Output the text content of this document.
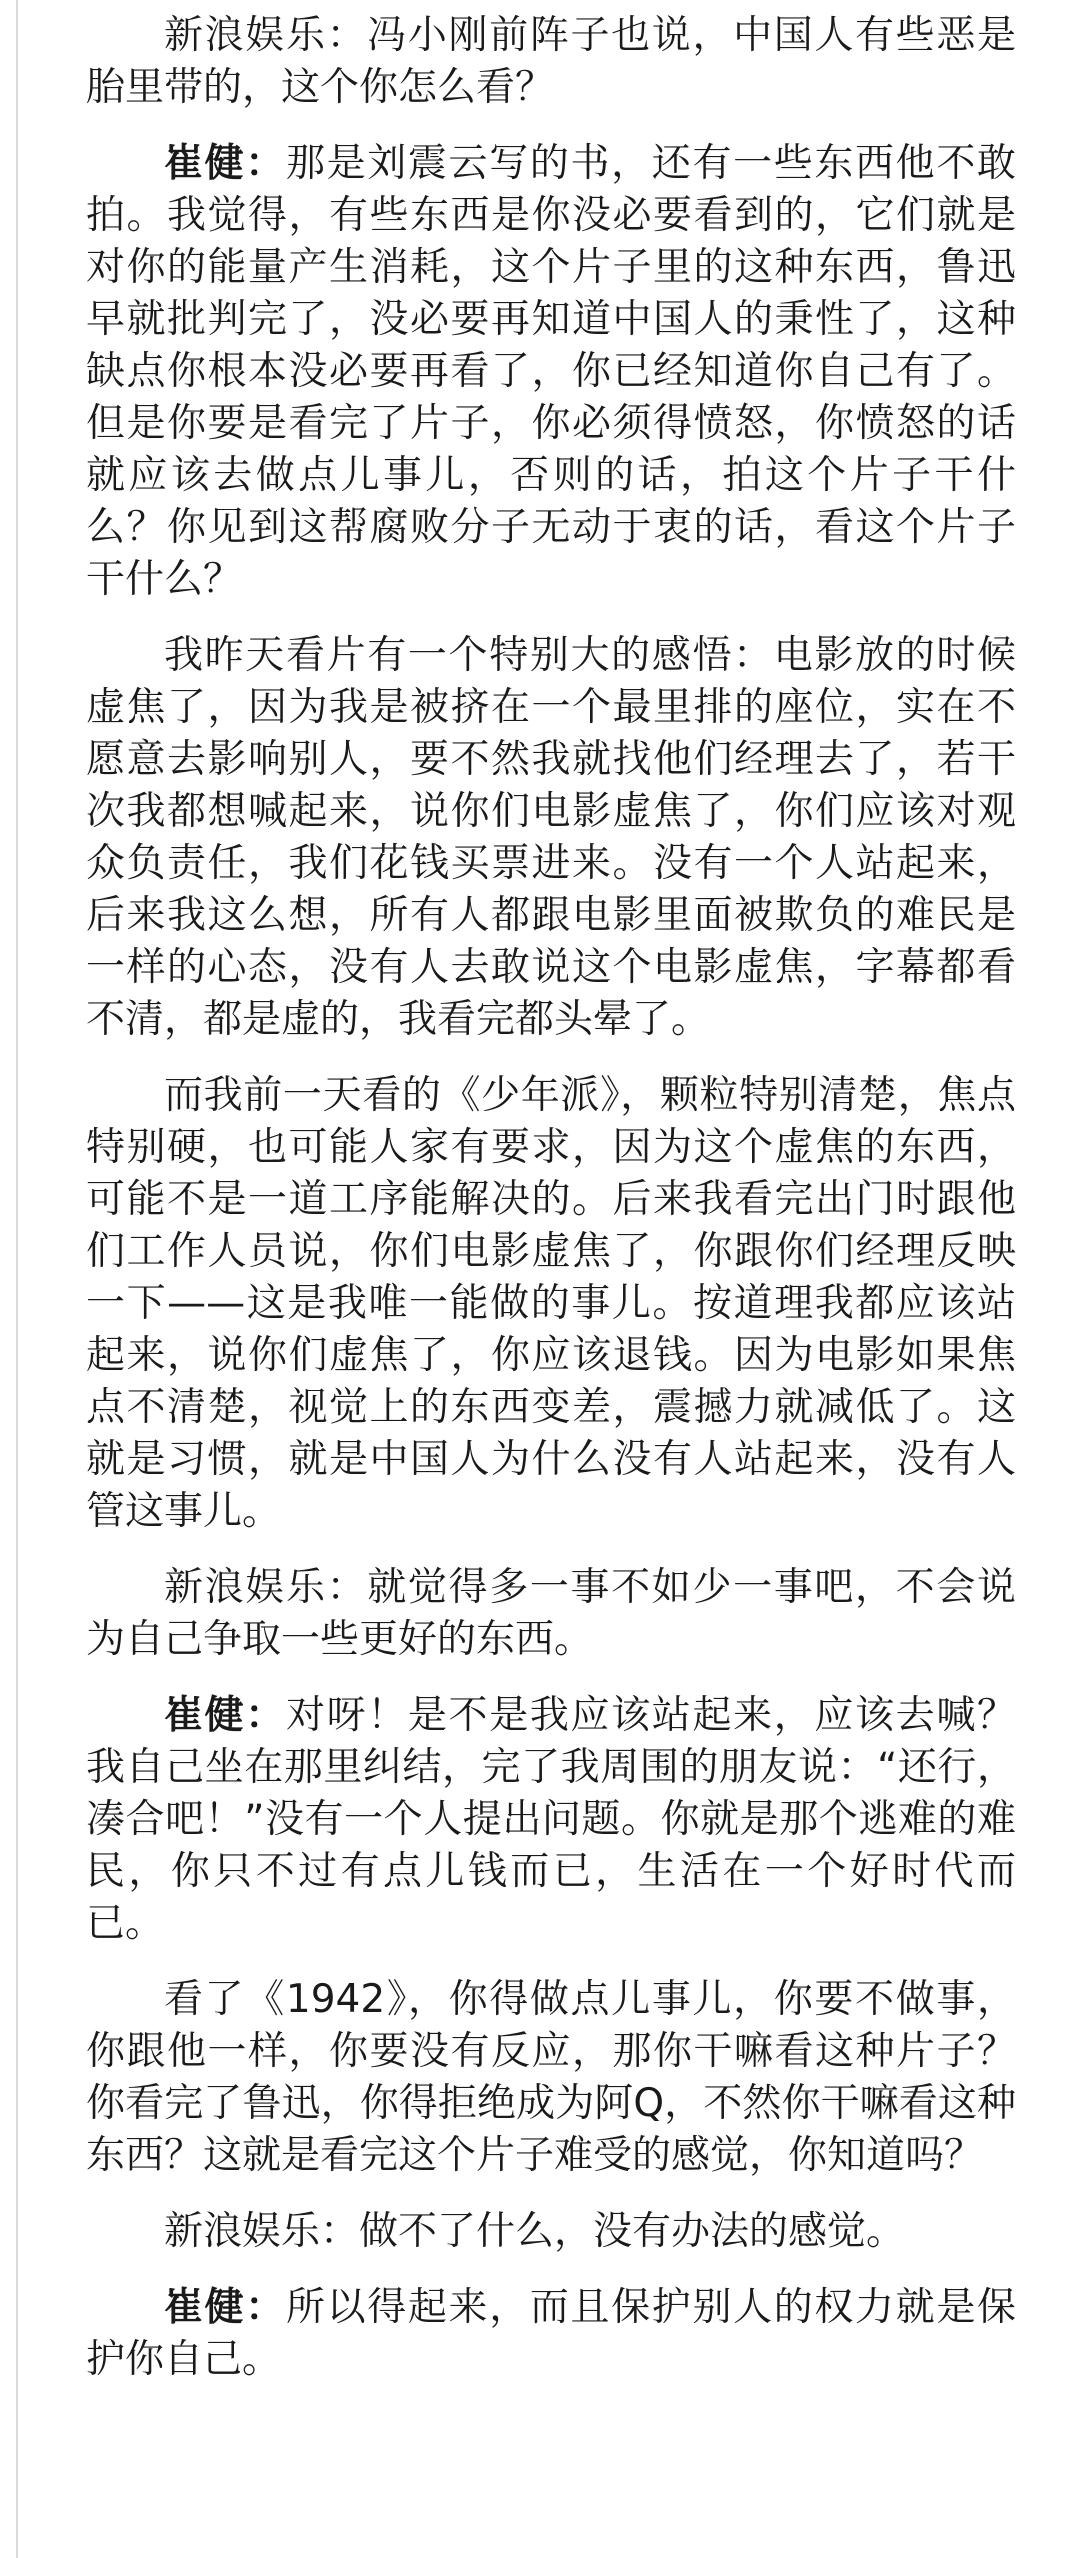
新浪娱乐：冯小刚前阵子也说，中国人有些恶是胎里带的，这个你怎么看？

崔健：那是刘震云写的书，还有一些东西他不敢拍。我觉得，有些东西是你没必要看到的，它们就是对你的能量产生消耗，这个片子里的这种东西，鲁迅早就批判完了，没必要再知道中国人的秉性了，这种缺点你根本没必要再看了，你已经知道你自己有了。但是你要是看完了片子，你必须得愤怒，你愤怒的话就应该去做点儿事儿，否则的话，拍这个片子干什么？你见到这帮腐败分子无动于衷的话，看这个片子干什么？

我昨天看片有一个特别大的感悟：电影放的时候虚焦了，因为我是被挤在一个最里排的座位，实在不愿意去影响别人，要不然我就找他们经理去了，若干次我都想喊起来，说你们电影虚焦了，你们应该对观众负责任，我们花钱买票进来。没有一个人站起来，后来我这么想，所有人都跟电影里面被欺负的难民是一样的心态，没有人去敢说这个电影虚焦，字幕都看不清，都是虚的，我看完都头晕了。

而我前一天看的《少年派》，颗粒特别清楚，焦点特别硬，也可能人家有要求，因为这个虚焦的东西，可能不是一道工序能解决的。后来我看完出门时跟他们工作人员说，你们电影虚焦了，你跟你们经理反映一下——这是我唯一能做的事儿。按道理我都应该站起来，说你们虚焦了，你应该退钱。因为电影如果焦点不清楚，视觉上的东西变差，震撼力就减低了。这就是习惯，就是中国人为什么没有人站起来，没有人管这事儿。

新浪娱乐：就觉得多一事不如少一事吧，不会说为自己争取一些更好的东西。

崔健：对呀！是不是我应该站起来，应该去喊？我自己坐在那里纠结，完了我周围的朋友说：“还行，凑合吧！”没有一个人提出问题。你就是那个逃难的难民，你只不过有点儿钱而已，生活在一个好时代而已。

看了《1942》，你得做点儿事儿，你要不做事，你跟他一样，你要没有反应，那你干嘛看这种片子？你看完了鲁迅，你得拒绝成为阿Q，不然你干嘛看这种东西？这就是看完这个片子难受的感觉，你知道吗？

新浪娱乐：做不了什么，没有办法的感觉。

崔健：所以得起来，而且保护别人的权力就是保护你自己。
